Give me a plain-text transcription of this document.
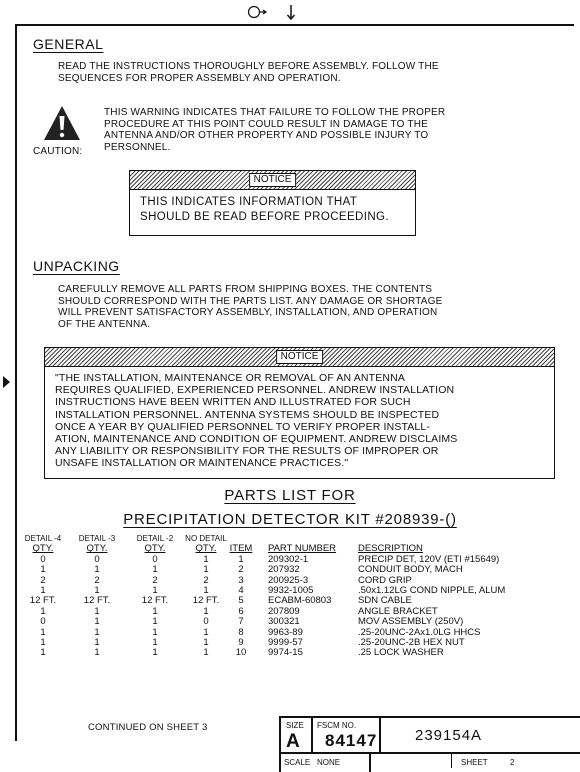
GENERAL
READ THE INSTRUCTIONS THOROUGHLY BEFORE ASSEMBLY. FOLLOW THE
SEQUENCES FOR PROPER ASSEMBLY AND OPERATION.
CAUTION:
THIS WARNING INDICATES THAT FAILURE TO FOLLOW THE PROPER
PROCEDURE AT THIS POINT COULD RESULT IN DAMAGE TO THE
ANTENNA AND/OR OTHER PROPERTY AND POSSIBLE INJURY TO
PERSONNEL.
NOTICE
THIS INDICATES INFORMATION THAT
SHOULD BE READ BEFORE PROCEEDING.
UNPACKING
CAREFULLY REMOVE ALL PARTS FROM SHIPPING BOXES. THE CONTENTS
SHOULD CORRESPOND WITH THE PARTS LIST. ANY DAMAGE OR SHORTAGE
WILL PREVENT SATISFACTORY ASSEMBLY, INSTALLATION, AND OPERATION
OF THE ANTENNA.
NOTICE
"THE INSTALLATION, MAINTENANCE OR REMOVAL OF AN ANTENNA
REQUIRES QUALIFIED, EXPERIENCED PERSONNEL. ANDREW INSTALLATION
INSTRUCTIONS HAVE BEEN WRITTEN AND ILLUSTRATED FOR SUCH
INSTALLATION PERSONNEL. ANTENNA SYSTEMS SHOULD BE INSPECTED
ONCE A YEAR BY QUALIFIED PERSONNEL TO VERIFY PROPER INSTALL-
ATION, MAINTENANCE AND CONDITION OF EQUIPMENT. ANDREW DISCLAIMS
ANY LIABILITY OR RESPONSIBILITY FOR THE RESULTS OF IMPROPER OR
UNSAFE INSTALLATION OR MAINTENANCE PRACTICES."
PARTS LIST FOR
PRECIPITATION DETECTOR KIT #208939-()
DETAIL -4	DETAIL -3	DETAIL -2	NO DETAIL			
QTY.	QTY.	QTY.	QTY.	ITEM	PART NUMBER	DESCRIPTION
0	0	0	1	1	209302-1	PRECIP DET, 120V (ETI #15649)
1	1	1	1	2	207932	CONDUIT BODY, MACH
2	2	2	2	3	200925-3	CORD GRIP
1	1	1	1	4	9932-1005	.50x1.12LG COND NIPPLE, ALUM
12 FT.	12 FT.	12 FT.	12 FT.	5	ECABM-60803	SDN CABLE
1	1	1	1	6	207809	ANGLE BRACKET
0	1	1	0	7	300321	MOV ASSEMBLY (250V)
1	1	1	1	8	9963-89	.25-20UNC-2Ax1.0LG HHCS
1	1	1	1	9	9999-57	.25-20UNC-2B HEX NUT
1	1	1	1	10	9974-15	.25 LOCK WASHER
CONTINUED ON SHEET 3	SIZE
A
FSCM NO.
84147	239154A
SCALE NONE	SHEET	2
